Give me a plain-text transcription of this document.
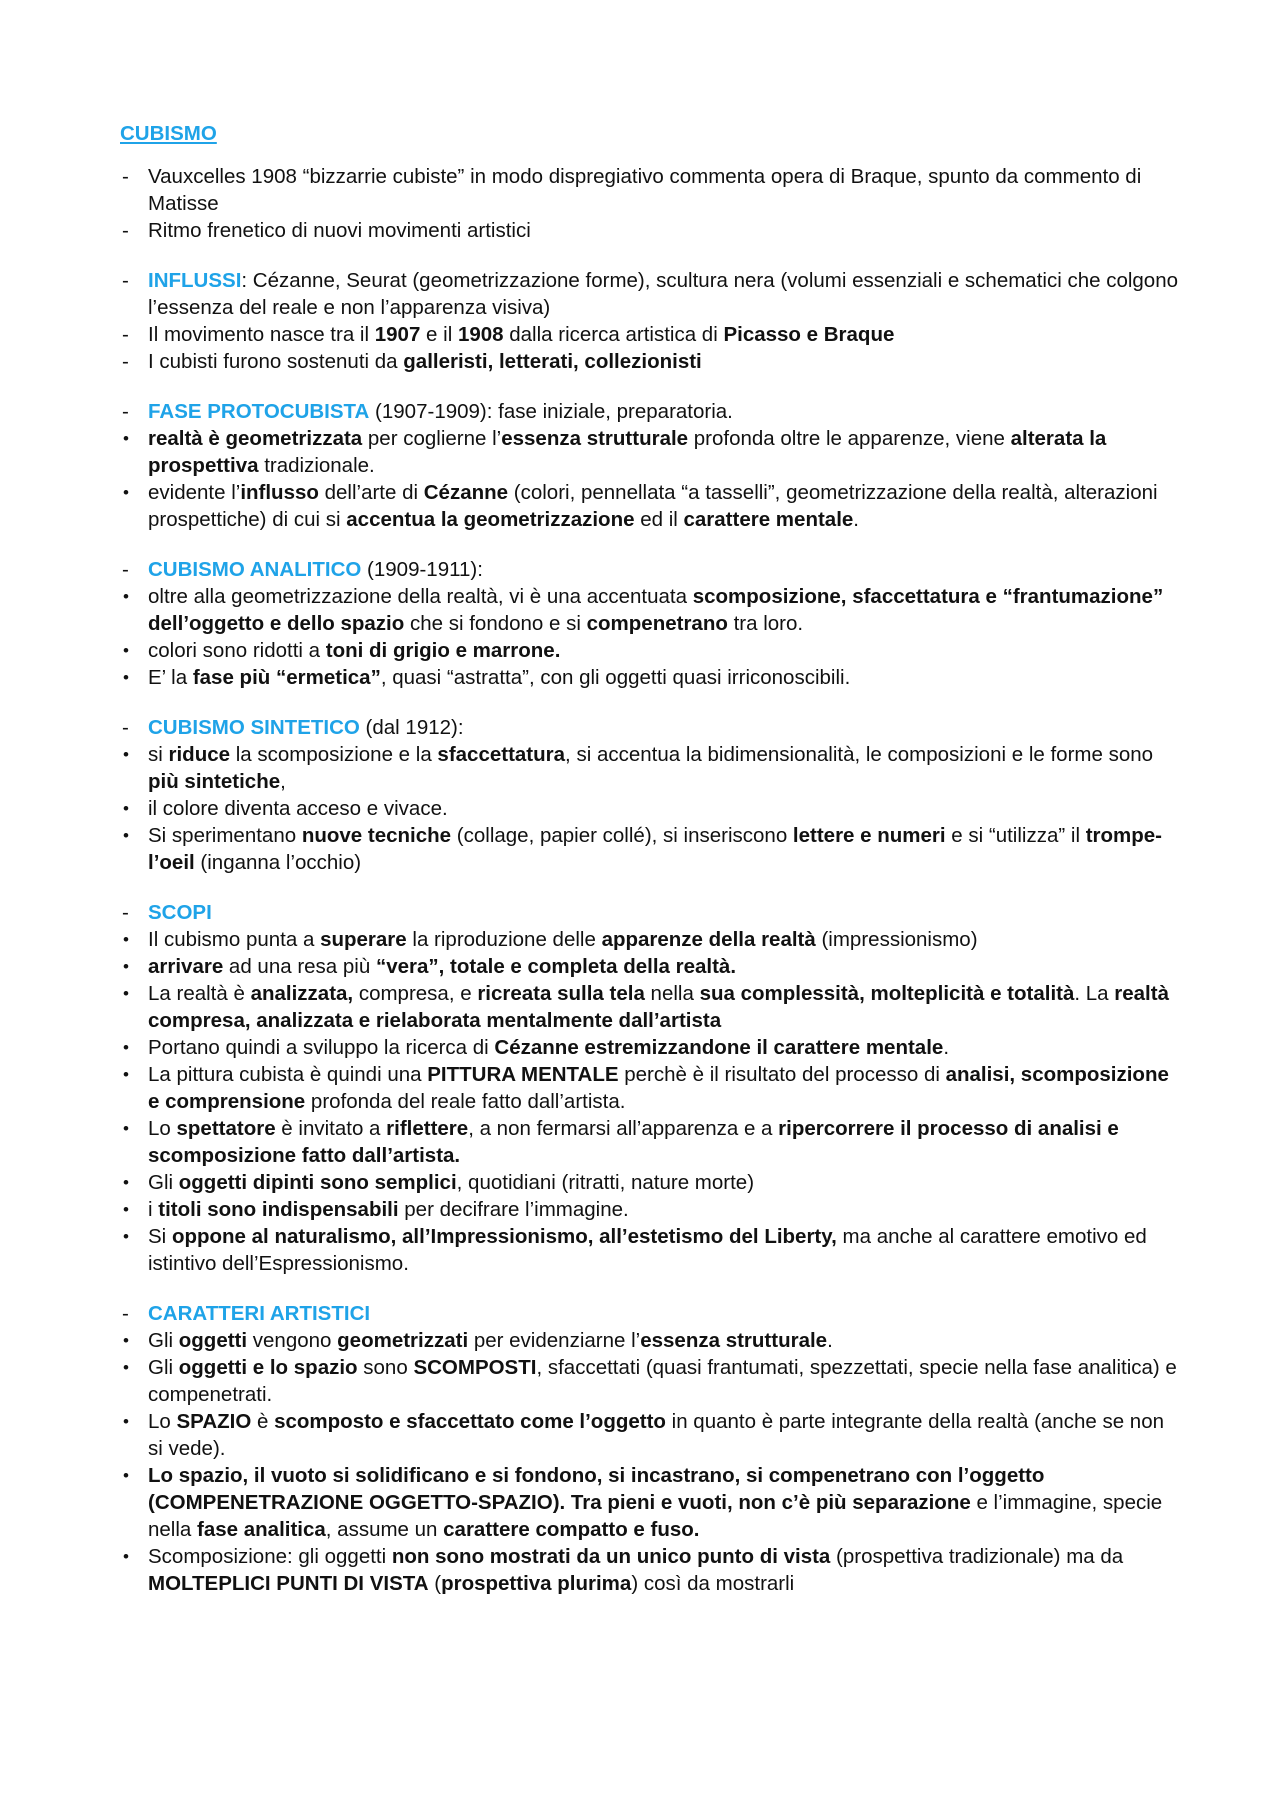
CUBISMO
- Vauxcelles 1908 “bizzarrie cubiste” in modo dispregiativo commenta opera di Braque, spunto da commento di Matisse
- Ritmo frenetico di nuovi movimenti artistici
- INFLUSSI: Cézanne, Seurat (geometrizzazione forme), scultura nera (volumi essenziali e schematici che colgono l’essenza del reale e non l’apparenza visiva)
- Il movimento nasce tra il 1907 e il 1908 dalla ricerca artistica di Picasso e Braque
- I cubisti furono sostenuti da galleristi, letterati, collezionisti
- FASE PROTOCUBISTA (1907-1909): fase iniziale, preparatoria.
• realtà è geometrizzata per coglierne l’essenza strutturale profonda oltre le apparenze, viene alterata la prospettiva tradizionale.
• evidente l’influsso dell’arte di Cézanne (colori, pennellata “a tasselli”, geometrizzazione della realtà, alterazioni prospettiche) di cui si accentua la geometrizzazione ed il carattere mentale.
- CUBISMO ANALITICO (1909-1911):
• oltre alla geometrizzazione della realtà, vi è una accentuata scomposizione, sfaccettatura e “frantumazione” dell’oggetto e dello spazio che si fondono e si compenetrano tra loro.
• colori sono ridotti a toni di grigio e marrone.
• E’ la fase più “ermetica”, quasi “astratta”, con gli oggetti quasi irriconoscibili.
- CUBISMO SINTETICO (dal 1912):
• si riduce la scomposizione e la sfaccettatura, si accentua la bidimensionalità, le composizioni e le forme sono più sintetiche,
• il colore diventa acceso e vivace.
• Si sperimentano nuove tecniche (collage, papier collé), si inseriscono lettere e numeri e si “utilizza” il trompe-l’oeil (inganna l’occhio)
- SCOPI
• Il cubismo punta a superare la riproduzione delle apparenze della realtà (impressionismo)
• arrivare ad una resa più “vera”, totale e completa della realtà.
• La realtà è analizzata, compresa, e ricreata sulla tela nella sua complessità, molteplicità e totalità. La realtà compresa, analizzata e rielaborata mentalmente dall’artista
• Portano quindi a sviluppo la ricerca di Cézanne estremizzandone il carattere mentale.
• La pittura cubista è quindi una PITTURA MENTALE perchè è il risultato del processo di analisi, scomposizione e comprensione profonda del reale fatto dall’artista.
• Lo spettatore è invitato a riflettere, a non fermarsi all’apparenza e a ripercorrere il processo di analisi e scomposizione fatto dall’artista.
• Gli oggetti dipinti sono semplici, quotidiani (ritratti, nature morte)
• i titoli sono indispensabili per decifrare l’immagine.
• Si oppone al naturalismo, all’Impressionismo, all’estetismo del Liberty, ma anche al carattere emotivo ed istintivo dell’Espressionismo.
- CARATTERI ARTISTICI
• Gli oggetti vengono geometrizzati per evidenziarne l’essenza strutturale.
• Gli oggetti e lo spazio sono SCOMPOSTI, sfaccettati (quasi frantumati, spezzettati, specie nella fase analitica) e compenetrati.
• Lo SPAZIO è scomposto e sfaccettato come l’oggetto in quanto è parte integrante della realtà (anche se non si vede).
• Lo spazio, il vuoto si solidificano e si fondono, si incastrano, si compenetrano con l’oggetto (COMPENETRAZIONE OGGETTO-SPAZIO). Tra pieni e vuoti, non c’è più separazione e l’immagine, specie nella fase analitica, assume un carattere compatto e fuso.
• Scomposizione: gli oggetti non sono mostrati da un unico punto di vista (prospettiva tradizionale) ma da MOLTEPLICI PUNTI DI VISTA (prospettiva plurima) così da mostrarli
